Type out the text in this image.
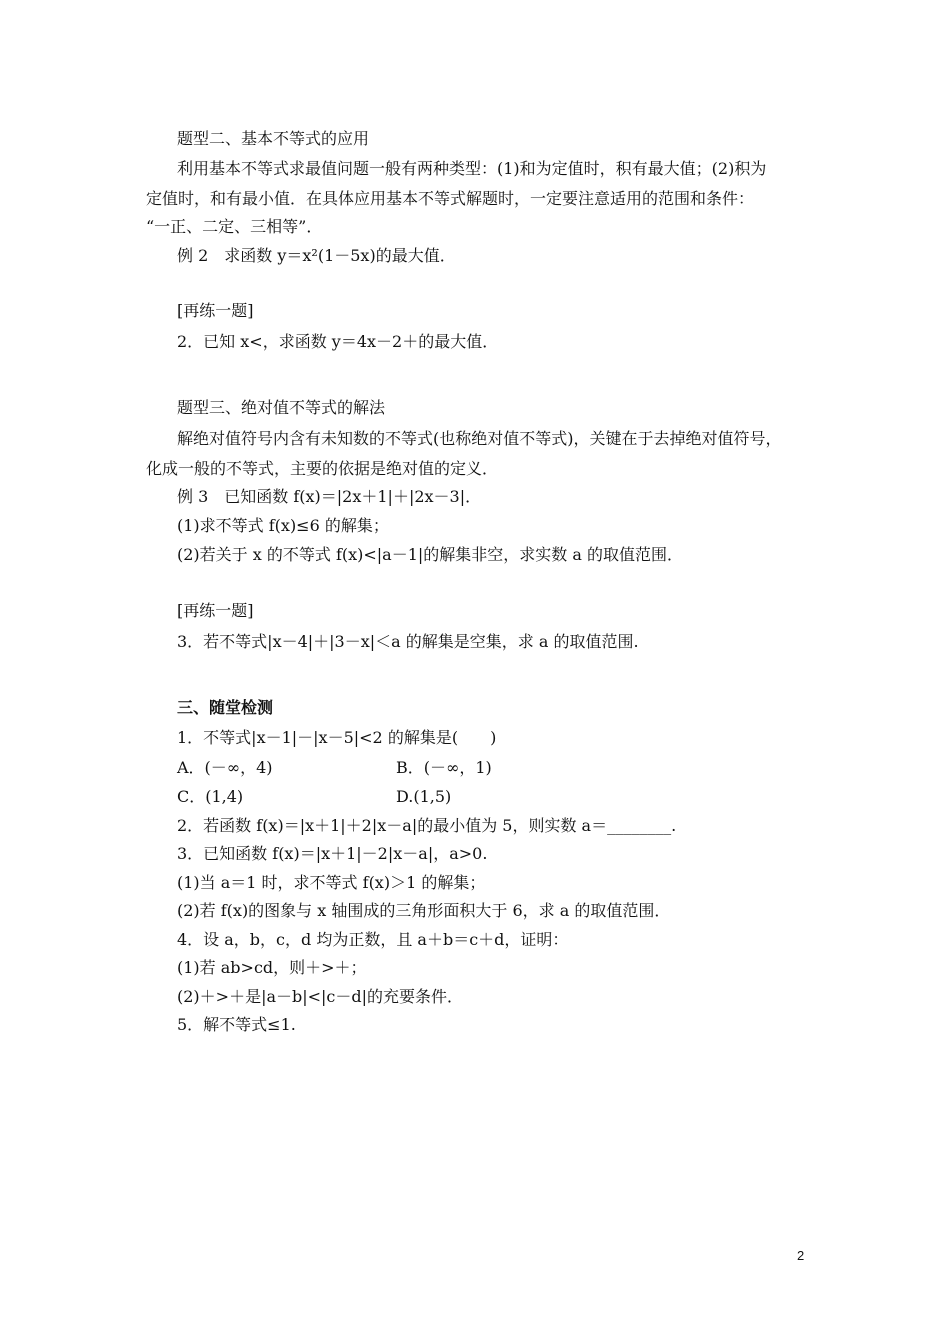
题型二、基本不等式的应用
利用基本不等式求最值问题一般有两种类型：(1)和为定值时，积有最大值；(2)积为
定值时，和有最小值．在具体应用基本不等式解题时，一定要注意适用的范围和条件：
“一正、二定、三相等”．
例 2　求函数 y＝x²(1－5x)的最大值．
[再练一题]
2．已知 x<，求函数 y＝4x－2＋的最大值．
题型三、绝对值不等式的解法
解绝对值符号内含有未知数的不等式(也称绝对值不等式)，关键在于去掉绝对值符号，
化成一般的不等式，主要的依据是绝对值的定义．
例 3　已知函数 f(x)＝|2x＋1|＋|2x－3|．
(1)求不等式 f(x)≤6 的解集；
(2)若关于 x 的不等式 f(x)<|a－1|的解集非空，求实数 a 的取值范围．
[再练一题]
3．若不等式|x－4|＋|3－x|＜a 的解集是空集，求 a 的取值范围.
三、随堂检测
1．不等式|x－1|－|x－5|<2 的解集是(　　)
A．(－∞，4)	B．(－∞，1)
C．(1,4)	D.(1,5)
2．若函数 f(x)＝|x＋1|＋2|x－a|的最小值为 5，则实数 a＝________.
3．已知函数 f(x)＝|x＋1|－2|x－a|，a>0.
(1)当 a＝1 时，求不等式 f(x)＞1 的解集；
(2)若 f(x)的图象与 x 轴围成的三角形面积大于 6，求 a 的取值范围．
4．设 a，b，c，d 均为正数，且 a＋b＝c＋d，证明：
(1)若 ab>cd，则＋>＋；
(2)＋>＋是|a－b|<|c－d|的充要条件．
5．解不等式≤1.
2
